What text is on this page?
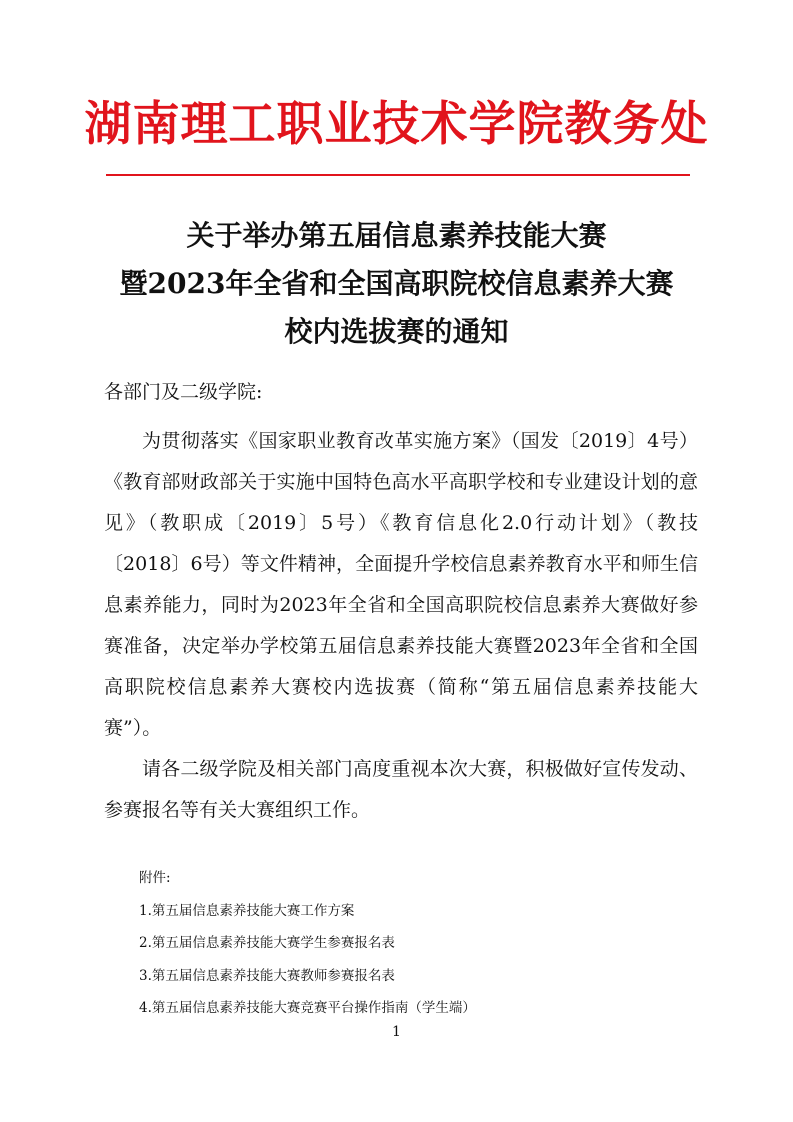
湖南理工职业技术学院教务处
关于举办第五届信息素养技能大赛
暨2023年全省和全国高职院校信息素养大赛
校内选拔赛的通知
各部门及二级学院:

为贯彻落实《国家职业教育改革实施方案》（国发〔2019〕4号）《教育部财政部关于实施中国特色高水平高职学校和专业建设计划的意见》（教职成〔2019〕5号）《教育信息化2.0行动计划》（教技〔2018〕6号）等文件精神，全面提升学校信息素养教育水平和师生信息素养能力，同时为2023年全省和全国高职院校信息素养大赛做好参赛准备，决定举办学校第五届信息素养技能大赛暨2023年全省和全国高职院校信息素养大赛校内选拔赛（简称“第五届信息素养技能大赛”）。

请各二级学院及相关部门高度重视本次大赛，积极做好宣传发动、参赛报名等有关大赛组织工作。

附件:
1.第五届信息素养技能大赛工作方案
2.第五届信息素养技能大赛学生参赛报名表
3.第五届信息素养技能大赛教师参赛报名表
4.第五届信息素养技能大赛竞赛平台操作指南（学生端）
1
